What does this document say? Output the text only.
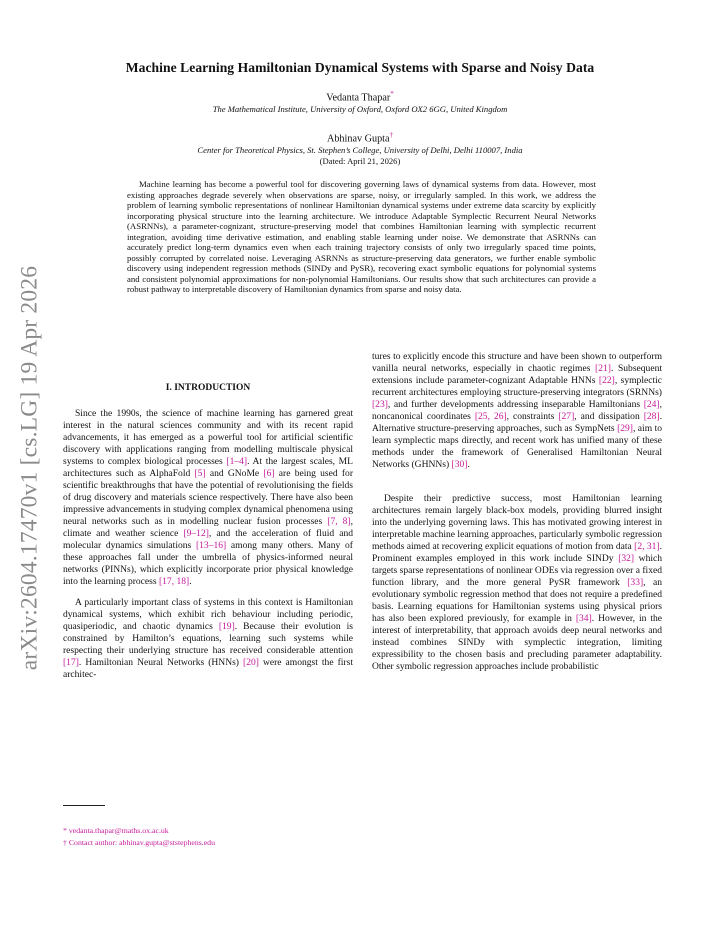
arXiv:2604.17470v1 [cs.LG] 19 Apr 2026
Machine Learning Hamiltonian Dynamical Systems with Sparse and Noisy Data
Vedanta Thapar*
The Mathematical Institute, University of Oxford, Oxford OX2 6GG, United Kingdom
Abhinav Gupta†
Center for Theoretical Physics, St. Stephen’s College, University of Delhi, Delhi 110007, India
(Dated: April 21, 2026)

Machine learning has become a powerful tool for discovering governing laws of dynamical systems from data. However, most existing approaches degrade severely when observations are sparse, noisy, or irregularly sampled. In this work, we address the problem of learning symbolic representations of nonlinear Hamiltonian dynamical systems under extreme data scarcity by explicitly incorporating physical structure into the learning architecture. We introduce Adaptable Symplectic Recurrent Neural Networks (ASRNNs), a parameter-cognizant, structure-preserving model that combines Hamiltonian learning with symplectic recurrent integration, avoiding time derivative estimation, and enabling stable learning under noise. We demonstrate that ASRNNs can accurately predict long-term dynamics even when each training trajectory consists of only two irregularly spaced time points, possibly corrupted by correlated noise. Leveraging ASRNNs as structure-preserving data generators, we further enable symbolic discovery using independent regression methods (SINDy and PySR), recovering exact symbolic equations for polynomial systems and consistent polynomial approximations for non-polynomial Hamiltonians. Our results show that such architectures can provide a robust pathway to interpretable discovery of Hamiltonian dynamics from sparse and noisy data.

I. INTRODUCTION

Since the 1990s, the science of machine learning has garnered great interest in the natural sciences community and with its recent rapid advancements, it has emerged as a powerful tool for artificial scientific discovery with applications ranging from modelling multiscale physical systems to complex biological processes [1–4]. At the largest scales, ML architectures such as AlphaFold [5] and GNoMe [6] are being used for scientific breakthroughs that have the potential of revolutionising the fields of drug discovery and materials science respectively. There have also been impressive advancements in studying complex dynamical phenomena using neural networks such as in modelling nuclear fusion processes [7, 8], climate and weather science [9–12], and the acceleration of fluid and molecular dynamics simulations [13–16] among many others. Many of these approaches fall under the umbrella of physics-informed neural networks (PINNs), which explicitly incorporate prior physical knowledge into the learning process [17, 18].

A particularly important class of systems in this context is Hamiltonian dynamical systems, which exhibit rich behaviour including periodic, quasiperiodic, and chaotic dynamics [19]. Because their evolution is constrained by Hamilton’s equations, learning such systems while respecting their underlying structure has received considerable attention [17]. Hamiltonian Neural Networks (HNNs) [20] were amongst the first architec-

tures to explicitly encode this structure and have been shown to outperform vanilla neural networks, especially in chaotic regimes [21]. Subsequent extensions include parameter-cognizant Adaptable HNNs [22], symplectic recurrent architectures employing structure-preserving integrators (SRNNs) [23], and further developments addressing inseparable Hamiltonians [24], noncanonical coordinates [25, 26], constraints [27], and dissipation [28]. Alternative structure-preserving approaches, such as SympNets [29], aim to learn symplectic maps directly, and recent work has unified many of these methods under the framework of Generalised Hamiltonian Neural Networks (GHNNs) [30].

Despite their predictive success, most Hamiltonian learning architectures remain largely black-box models, providing blurred insight into the underlying governing laws. This has motivated growing interest in interpretable machine learning approaches, particularly symbolic regression methods aimed at recovering explicit equations of motion from data [2, 31]. Prominent examples employed in this work include SINDy [32] which targets sparse representations of nonlinear ODEs via regression over a fixed function library, and the more general PySR framework [33], an evolutionary symbolic regression method that does not require a predefined basis. Learning equations for Hamiltonian systems using physical priors has also been explored previously, for example in [34]. However, in the interest of interpretability, that approach avoids deep neural networks and instead combines SINDy with symplectic integration, limiting expressibility to the chosen basis and precluding parameter adaptability. Other symbolic regression approaches include probabilistic

* vedanta.thapar@maths.ox.ac.uk
† Contact author: abhinav.gupta@ststephens.edu
